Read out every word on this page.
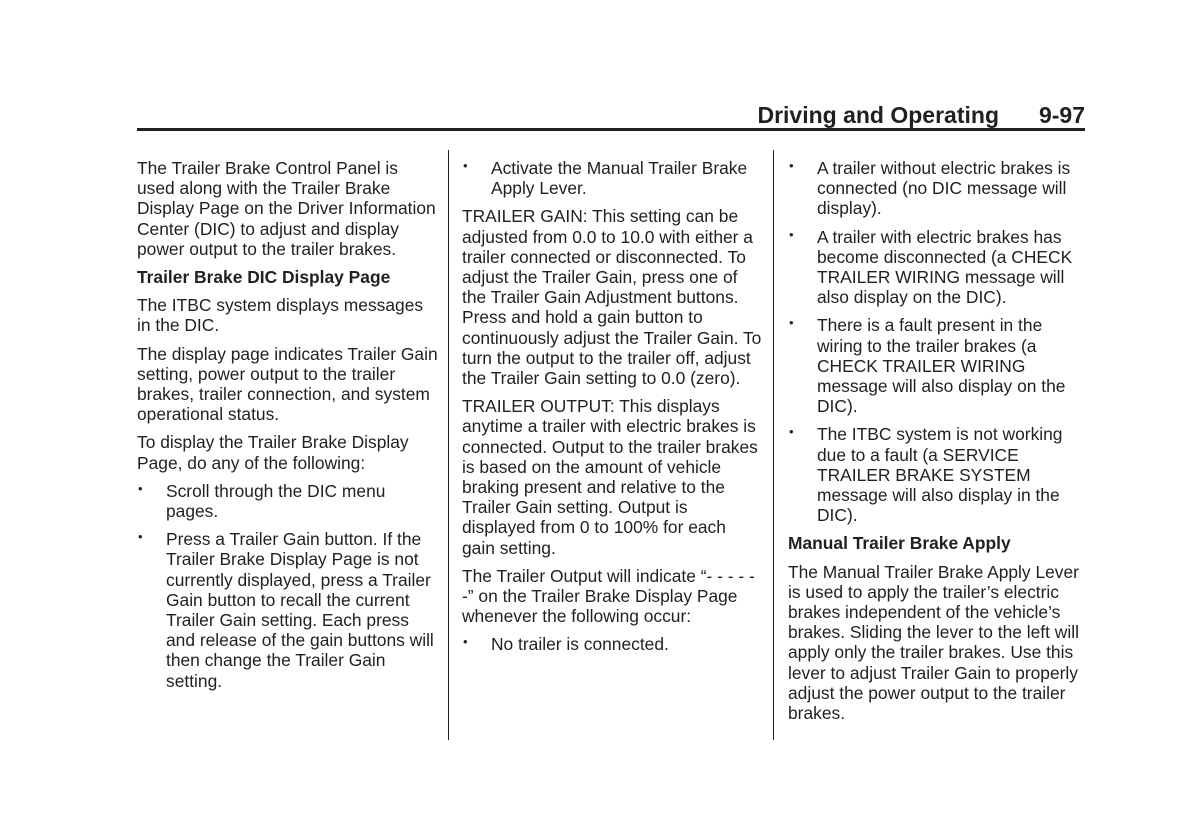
Driving and Operating 9-97

The Trailer Brake Control Panel is used along with the Trailer Brake Display Page on the Driver Information Center (DIC) to adjust and display power output to the trailer brakes.

Trailer Brake DIC Display Page

The ITBC system displays messages in the DIC.

The display page indicates Trailer Gain setting, power output to the trailer brakes, trailer connection, and system operational status.

To display the Trailer Brake Display Page, do any of the following:

• Scroll through the DIC menu pages.
• Press a Trailer Gain button. If the Trailer Brake Display Page is not currently displayed, press a Trailer Gain button to recall the current Trailer Gain setting. Each press and release of the gain buttons will then change the Trailer Gain setting.
• Activate the Manual Trailer Brake Apply Lever.

TRAILER GAIN: This setting can be adjusted from 0.0 to 10.0 with either a trailer connected or disconnected. To adjust the Trailer Gain, press one of the Trailer Gain Adjustment buttons. Press and hold a gain button to continuously adjust the Trailer Gain. To turn the output to the trailer off, adjust the Trailer Gain setting to 0.0 (zero).

TRAILER OUTPUT: This displays anytime a trailer with electric brakes is connected. Output to the trailer brakes is based on the amount of vehicle braking present and relative to the Trailer Gain setting. Output is displayed from 0 to 100% for each gain setting.

The Trailer Output will indicate “- - - - - -” on the Trailer Brake Display Page whenever the following occur:

• No trailer is connected.
• A trailer without electric brakes is connected (no DIC message will display).
• A trailer with electric brakes has become disconnected (a CHECK TRAILER WIRING message will also display on the DIC).
• There is a fault present in the wiring to the trailer brakes (a CHECK TRAILER WIRING message will also display on the DIC).
• The ITBC system is not working due to a fault (a SERVICE TRAILER BRAKE SYSTEM message will also display in the DIC).
Manual Trailer Brake Apply

The Manual Trailer Brake Apply Lever is used to apply the trailer’s electric brakes independent of the vehicle’s brakes. Sliding the lever to the left will apply only the trailer brakes. Use this lever to adjust Trailer Gain to properly adjust the power output to the trailer brakes.
